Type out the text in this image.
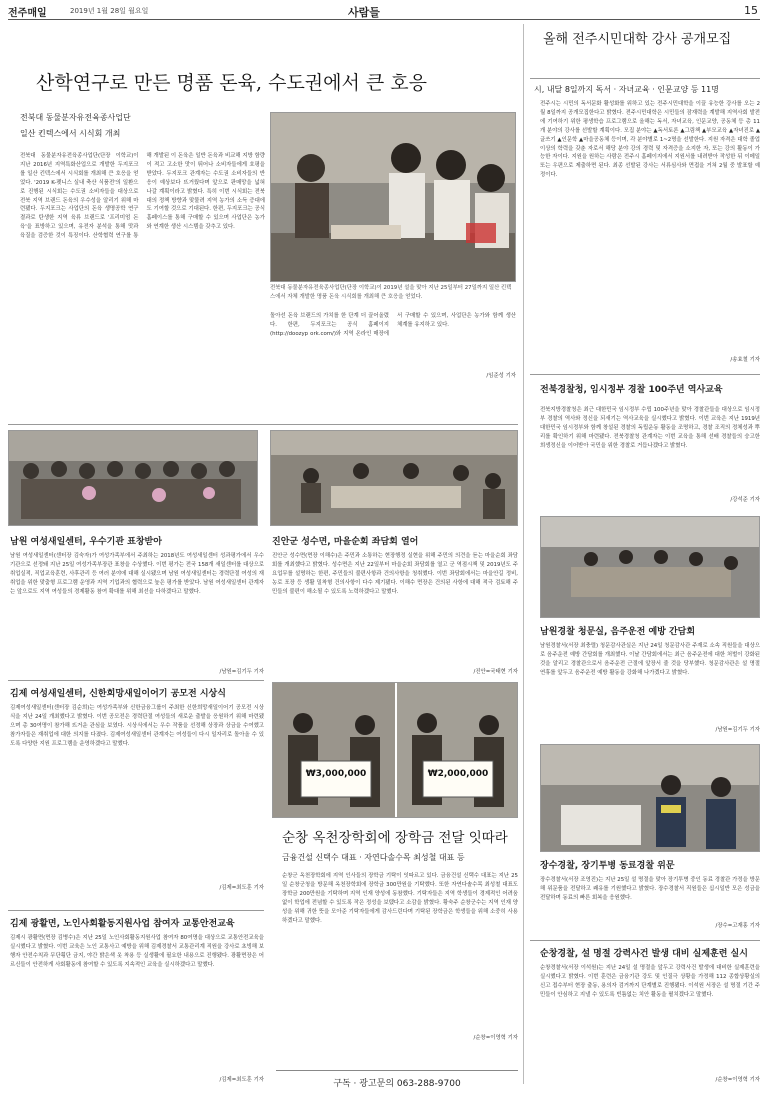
전주매일	2019년 1월 28일 월요일	사람들	15
산학연구로 만든 명품 돈육, 수도권에서 큰 호응
전북대 동물분자유전육종사업단
일산 킨텍스에서 시식회 개최
전북대 동물분자유전육종사업단(단장 이학교)이 지난 2016년 지역특화산업으로 개발한 두지포크를 일산 킨텍스에서 시식회를 개최해 큰 호응을 얻었다. '2019 K-펫니스 실내 축산 식품전'의 일환으로 진행된 시식회는 수도권 소비자들을 대상으로 전북 지역 브랜드 돈육의 우수성을 알리기 위해 마련됐다. 두지포크는 사업단의 돈육 생명공학 연구결과로 탄생한 지역 육류 브랜드로 '프리미엄 돈육'을 표방하고 있으며, 유전자 분석을 통해 맛과 육질을 검증한 것이 특징이다. 산학협력 연구를 통해 개발된 이 돈육은 일반 돈육과 비교해 지방 함량이 적고 고소한 맛이 뛰어나 소비자들에게 호평을 받았다. 두지포크 관계자는 수도권 소비자들의 반응이 예상보다 뜨거웠다며 앞으로 판매망을 넓혀 나갈 계획이라고 밝혔다. 특히 이번 시식회는 전북대의 정책 방향과 맞물려 지역 농가의 소득 증대에도 기여할 것으로 기대된다. 한편, 두지포크는 공식 홈페이스를 통해 구매할 수 있으며 사업단은 농가와 연계한 생산 시스템을 갖추고 있다.
전북대 동물분자유전육종사업단(단장 이학교)이 2019년 설을 맞아 지난 25일부터 27일까지 일산 킨텍스에서 자체 개발한 명품 돈육 시식회를 개최해 큰 호응을 얻었다.
돌아선 돈육 브랜드의 가치를 한 단계 더 끌어올렸다. 한편, 두지포크는 공식 홈페이지(http://doozyp ork.com/)와 지역 온라인 매장에서 구매할 수 있으며, 사업단은 농가와 함께 생산 체계를 유지하고 있다.
/임준성 기자
올해 전주시민대학 강사 공개모집
시, 내달 8일까지 독서 · 자녀교육 · 인문교양 등 11명
전주시는 시민의 독서문화 활성화를 위하고 있는 전주시민대학을 이끌 유능한 강사를 오는 2월 8일까지 공개모집한다고 밝혔다. 전주시민대학은 시민들의 잠재력을 계발해 지역사회 발전에 기여하기 위한 평생학습 프로그램으로 올해는 독서, 자녀교육, 인문교양, 공동체 등 총 11개 분야의 강사를 선발할 계획이다. 모집 분야는 ▲독서토론 ▲그림책 ▲부모교육 ▲자녀진로 ▲글쓰기 ▲인문학 ▲마을공동체 등이며, 각 분야별로 1~2명을 선발한다. 지원 자격은 대학 졸업 이상의 학력을 갖춘 자로서 해당 분야 강의 경력 및 자격증을 소지한 자, 또는 강의 활동이 가능한 자이다. 지원을 원하는 사람은 전주시 홈페이지에서 지원서를 내려받아 작성한 뒤 이메일 또는 우편으로 제출하면 된다. 최종 선발된 강사는 서류심사와 면접을 거쳐 2월 중 발표할 예정이다.
/송효철 기자
전북경찰청, 임시정부 경찰 100주년 역사교육
전북지방경찰청은 최근 대한민국 임시정부 수립 100주년을 맞아 경찰관들을 대상으로 임시정부 경찰의 역사와 정신을 되새기는 역사교육을 실시했다고 밝혔다. 이번 교육은 지난 1919년 대한민국 임시정부와 함께 창설된 경찰의 독립운동 활동을 조명하고, 경찰 조직의 정체성과 뿌리를 확인하기 위해 마련됐다. 전북경찰청 관계자는 이번 교육을 통해 선배 경찰들의 숭고한 희생정신을 이어받아 국민을 위한 경찰로 거듭나겠다고 밝혔다.
/강석준 기자
남원 여성새일센터, 우수기관 표창받아
남원 여성새일센터(센터장 김숙자)가 여성가족부에서 주최하는 2018년도 여성새일센터 성과평가에서 우수기관으로 선정돼 지난 25일 여성가족부장관 표창을 수상했다. 이번 평가는 전국 158개 새일센터를 대상으로 취업실적, 직업교육훈련, 사후관리 등 여러 분야에 대해 실시됐으며 남원 여성새일센터는 경력단절 여성의 재취업을 위한 맞춤형 프로그램 운영과 지역 기업과의 협력으로 높은 평가를 받았다. 남원 여성새일센터 관계자는 앞으로도 지역 여성들의 경제활동 참여 확대를 위해 최선을 다하겠다고 말했다.
/남원=김기두 기자
진안군 성수면, 마을순회 좌담회 열어
진안군 성수면(면장 이해수)은 주민과 소통하는 현장행정 실현을 위해 주민의 의견을 듣는 마을순회 좌담회를 개최했다고 밝혔다. 성수면은 지난 22일부터 마을순회 좌담회를 열고 군 역점시책 및 2019년도 주요업무를 설명하는 한편, 주민들의 불편사항과 건의사항을 청취했다. 이번 좌담회에서는 마을안길 정비, 농로 포장 등 생활 밀착형 건의사항이 다수 제기됐다. 이해수 면장은 건의된 사항에 대해 적극 검토해 주민들의 불편이 해소될 수 있도록 노력하겠다고 말했다.
/진안=국태현 기자
남원경찰 청문실, 음주운전 예방 간담회
남원경찰서(서장 최충렬) 청문감사관실은 지난 24일 청문감사관 주재로 소속 직원들을 대상으로 음주운전 예방 간담회를 개최했다. 이날 간담회에서는 최근 음주운전에 대한 처벌이 강화된 것을 알리고 경찰관으로서 음주운전 근절에 앞장서 줄 것을 당부했다. 청문감사관은 설 명절 연휴를 앞두고 음주운전 예방 활동을 강화해 나가겠다고 밝혔다.
/남원=김기두 기자
김제 여성새일센터, 신한희망새일이어기 공모전 시상식
김제여성새일센터(센터장 김순희)는 여성가족부와 신한금융그룹이 주최한 신한희망새일이어기 공모전 시상식을 지난 24일 개최했다고 밝혔다. 이번 공모전은 경력단절 여성들의 새로운 출발을 응원하기 위해 마련됐으며 총 30여명이 참가해 뜨거운 관심을 보였다. 시상식에서는 우수 작품을 선정해 상장과 상금을 수여했고 참가자들은 재취업에 대한 의지를 다졌다. 김제여성새일센터 관계자는 여성들이 다시 일자리로 돌아올 수 있도록 다양한 지원 프로그램을 운영하겠다고 말했다.
/김제=최도훈 기자
₩3,000,000	₩2,000,000
순창 옥천장학회에 장학금 전달 잇따라
금융건설 신택수 대표 · 자연다솔수목 최성철 대표 등
순창군 옥천장학회에 지역 인사들의 장학금 기탁이 잇따르고 있다. 금융건설 신택수 대표는 지난 25일 순창군청을 방문해 옥천장학회에 장학금 300만원을 기탁했다. 또한 자연다솔수목 최성철 대표도 장학금 200만원을 기탁하며 지역 인재 양성에 동참했다. 기탁자들은 지역 학생들이 경제적인 어려움 없이 학업에 전념할 수 있도록 작은 정성을 보탰다고 소감을 밝혔다. 황숙주 순창군수는 지역 인재 양성을 위해 귀한 뜻을 모아준 기탁자들에게 감사드린다며 기탁된 장학금은 학생들을 위해 소중히 사용하겠다고 말했다.
/순창=이영혁 기자
장수경찰, 장기투병 동료경찰 위문
장수경찰서(서장 조영진)는 지난 25일 설 명절을 맞아 장기투병 중인 동료 경찰관 가정을 방문해 위문품을 전달하고 쾌유를 기원했다고 밝혔다. 장수경찰서 직원들은 십시일반 모은 성금을 전달하며 동료의 빠른 회복을 응원했다.
/장수=고재홍 기자
김제 광활면, 노인사회활동지원사업 참여자 교통안전교육
김제시 광활면(면장 김병수)은 지난 25일 노인사회활동지원사업 참여자 80여명을 대상으로 교통안전교육을 실시했다고 밝혔다. 이번 교육은 노인 교통사고 예방을 위해 김제경찰서 교통관리계 직원을 강사로 초빙해 보행자 안전수칙과 무단횡단 금지, 야간 밝은색 옷 착용 등 실생활에 필요한 내용으로 진행됐다. 광활면장은 어르신들이 안전하게 사회활동에 참여할 수 있도록 지속적인 교육을 실시하겠다고 말했다.
/김제=최도훈 기자
순창경찰, 설 명절 강력사건 발생 대비 실제훈련 실시
순창경찰서(서장 이석원)는 지난 24일 설 명절을 앞두고 강력사건 발생에 대비한 실제훈련을 실시했다고 밝혔다. 이번 훈련은 금융기관 강도 및 인질극 상황을 가정해 112 종합상황실의 신고 접수부터 현장 출동, 용의자 검거까지 단계별로 진행됐다. 이석원 서장은 설 명절 기간 주민들이 안심하고 지낼 수 있도록 빈틈없는 치안 활동을 펼치겠다고 말했다.
/순창=이영혁 기자
구독 · 광고문의 063-288-9700
